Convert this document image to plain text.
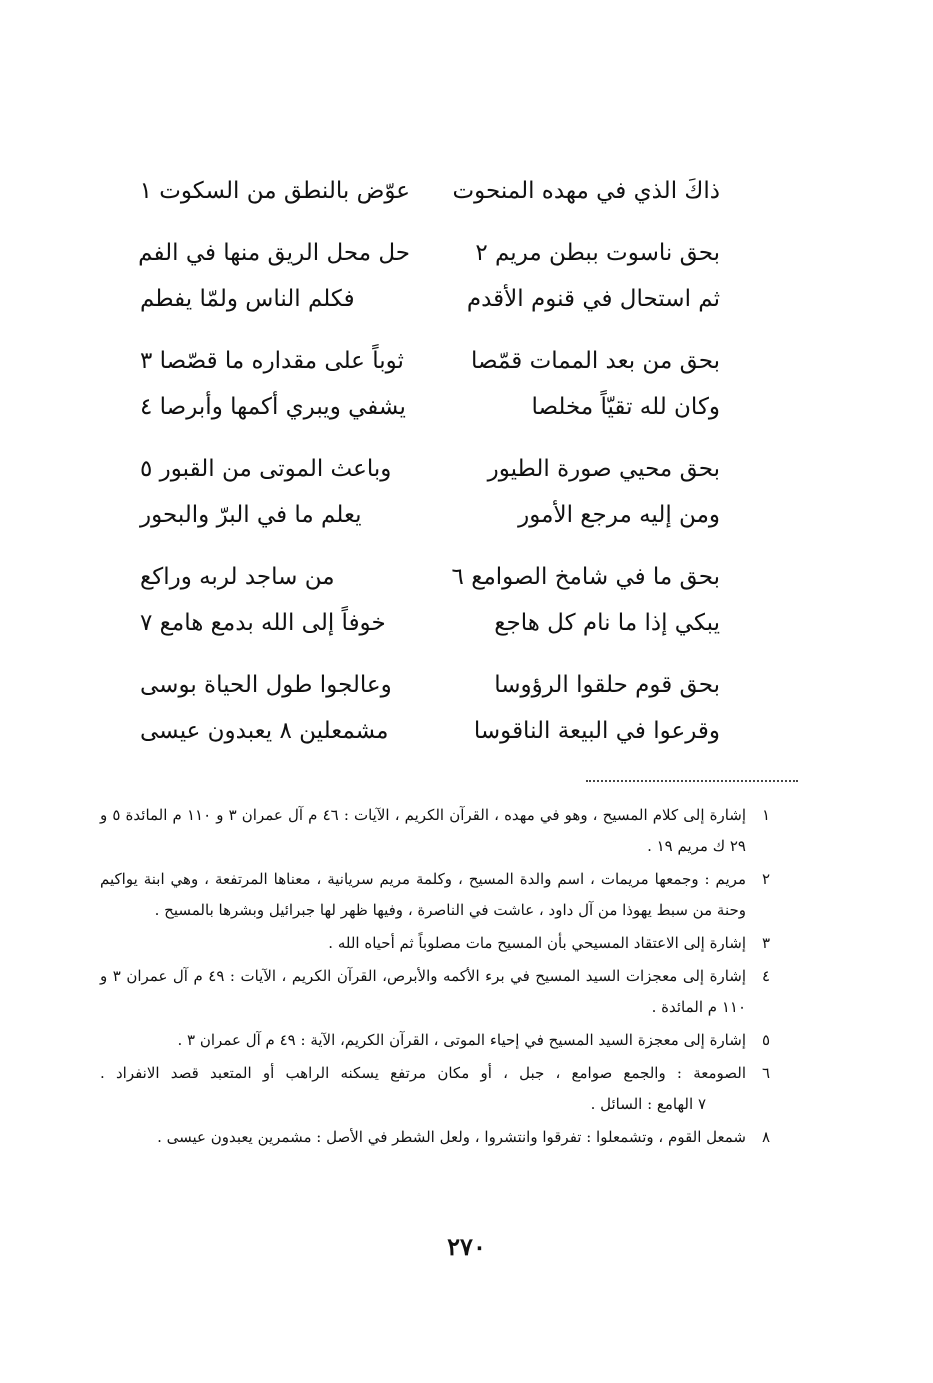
ذاكَ الذي في مهده المنحوت
عوّض بالنطق من السكوت ١
بحق ناسوت ببطن مريم ٢
حل محل الريق منها في الفم
ثم استحال في قنوم الأقدم
فكلم الناس ولمّا يفطم
بحق من بعد الممات قمّصا
ثوباً على مقداره ما قصّصا ٣
وكان لله تقيّاً مخلصا
يشفي ويبري أكمها وأبرصا ٤
بحق محيي صورة الطيور
وباعث الموتى من القبور ٥
ومن إليه مرجع الأمور
يعلم ما في البرّ والبحور
بحق ما في شامخ الصوامع ٦
من ساجد لربه وراكع
يبكي إذا ما نام كل هاجع
خوفاً إلى الله بدمع هامع ٧
بحق قوم حلقوا الرؤوسا
وعالجوا طول الحياة بوسى
وقرعوا في البيعة الناقوسا
مشمعلين ٨ يعبدون عيسى
١
إشارة إلى كلام المسيح ، وهو في مهده ، القرآن الكريم ، الآيات : ٤٦ م آل عمران ٣ و ١١٠ م المائدة ٥ و ٢٩ ك مريم ١٩ .
٢
مريم : وجمعها مريمات ، اسم والدة المسيح ، وكلمة مريم سريانية ، معناها المرتفعة ، وهي ابنة يواكيم وحنة من سبط يهوذا من آل داود ، عاشت في الناصرة ، وفيها ظهر لها جبرائيل وبشرها بالمسيح .
٣
إشارة إلى الاعتقاد المسيحي بأن المسيح مات مصلوباً ثم أحياه الله .
٤
إشارة إلى معجزات السيد المسيح في برء الأكمه والأبرص، القرآن الكريم ، الآيات : ٤٩ م آل عمران ٣ و ١١٠ م المائدة .
٥
إشارة إلى معجزة السيد المسيح في إحياء الموتى ، القرآن الكريم، الآية : ٤٩ م آل عمران ٣ .
٦
الصومعة : والجمع صوامع ، جبل ، أو مكان مرتفع يسكنه الراهب أو المتعبد قصد الانفراد . ٧ الهامع : السائل .
٨
شمعل القوم ، وتشمعلوا : تفرقوا وانتشروا ، ولعل الشطر في الأصل : مشمرين يعبدون عيسى .
٢٧٠
